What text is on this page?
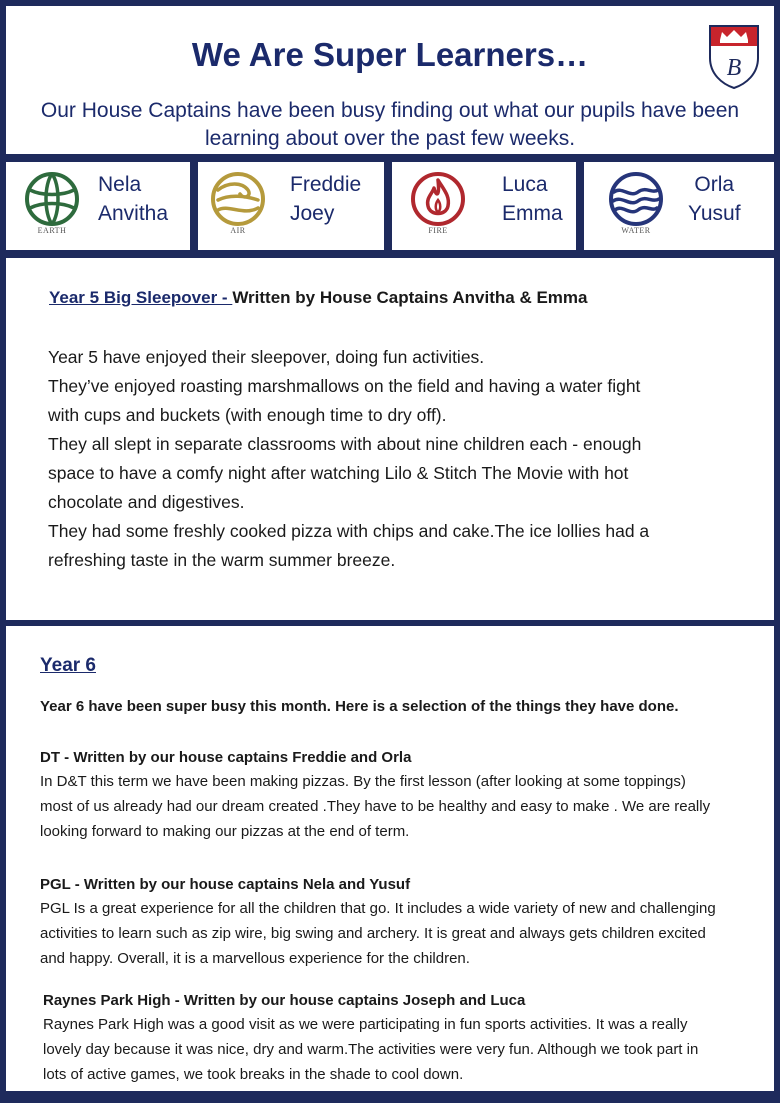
We Are Super Learners…
Our House Captains have been busy finding out what our pupils have been learning about over the past few weeks.
B
EARTH
Nela
Anvitha
AIR
Freddie
Joey
FIRE
Luca
Emma
WATER
Orla
Yusuf
Year 5 Big Sleepover - Written by House Captains Anvitha & Emma
Year 5 have enjoyed their sleepover, doing fun activities.
They’ve enjoyed roasting marshmallows on the field and having a water fight
with cups and buckets (with enough time to dry off).
They all slept in separate classrooms with about nine children each - enough
space to have a comfy night after watching Lilo & Stitch The Movie with hot
chocolate and digestives.
They had some freshly cooked pizza with chips and cake.The ice lollies had a
refreshing taste in the warm summer breeze.
Year 6
Year 6 have been super busy this month. Here is a selection of the things they have done.
DT - Written by our house captains Freddie and Orla
In D&T this term we have been making pizzas. By the first lesson (after looking at some toppings)
most of us already had our dream created .They have to be healthy and easy to make . We are really
looking forward to making our pizzas at the end of term.
PGL - Written by our house captains Nela and Yusuf
PGL Is a great experience for all the children that go. It includes a wide variety of new and challenging
activities to learn such as zip wire, big swing and archery. It is great and always gets children excited
and happy. Overall, it is a marvellous experience for the children.
Raynes Park High - Written by our house captains Joseph and Luca
Raynes Park High was a good visit as we were participating in fun sports activities. It was a really
lovely day because it was nice, dry and warm.The activities were very fun. Although we took part in
lots of active games, we took breaks in the shade to cool down.
